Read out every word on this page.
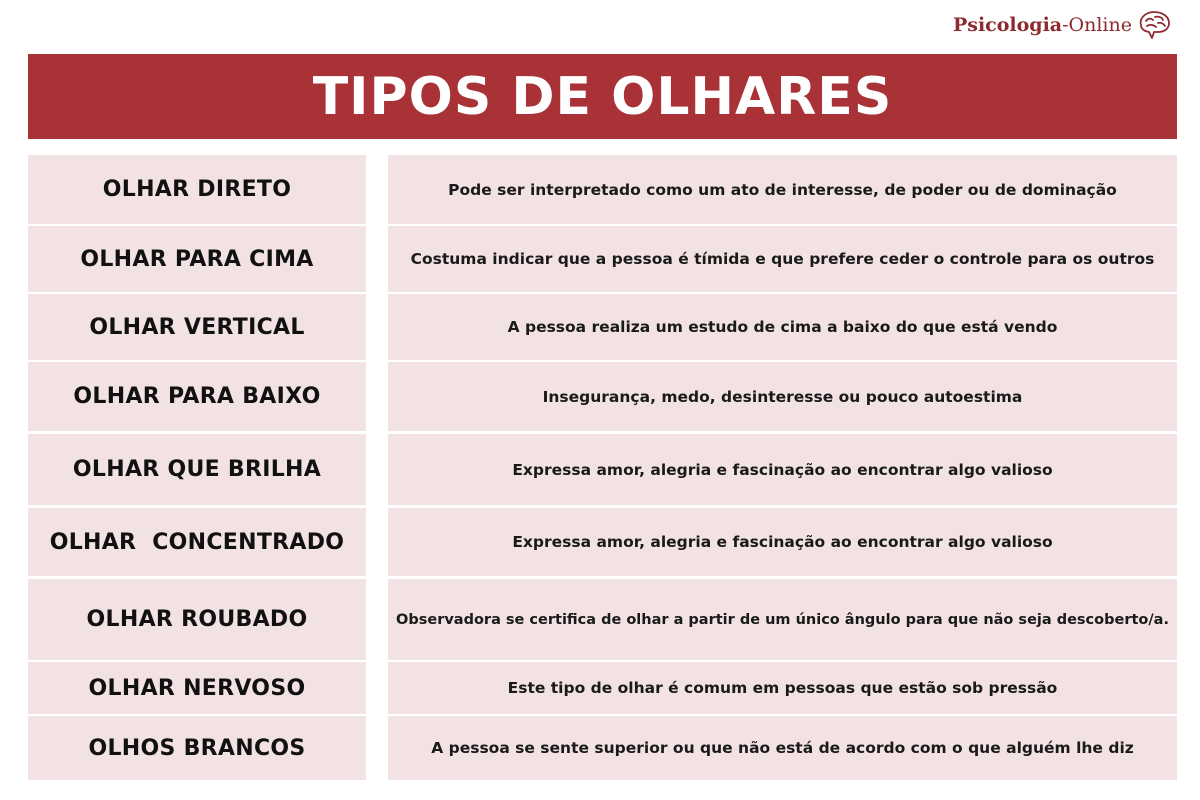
Psicologia -Online
TIPOS DE OLHARES
OLHAR DIRETO	Pode ser interpretado como um ato de interesse, de poder ou de dominação
OLHAR PARA CIMA	Costuma indicar que a pessoa é tímida e que prefere ceder o controle para os outros
OLHAR VERTICAL	A pessoa realiza um estudo de cima a baixo do que está vendo
OLHAR PARA BAIXO	Insegurança, medo, desinteresse ou pouco autoestima
OLHAR QUE BRILHA	Expressa amor, alegria e fascinação ao encontrar algo valioso
OLHAR  CONCENTRADO	Expressa amor, alegria e fascinação ao encontrar algo valioso
OLHAR ROUBADO	Observadora se certifica de olhar a partir de um único ângulo para que não seja descoberto/a.
OLHAR NERVOSO	Este tipo de olhar é comum em pessoas que estão sob pressão
OLHOS BRANCOS	A pessoa se sente superior ou que não está de acordo com o que alguém lhe diz
